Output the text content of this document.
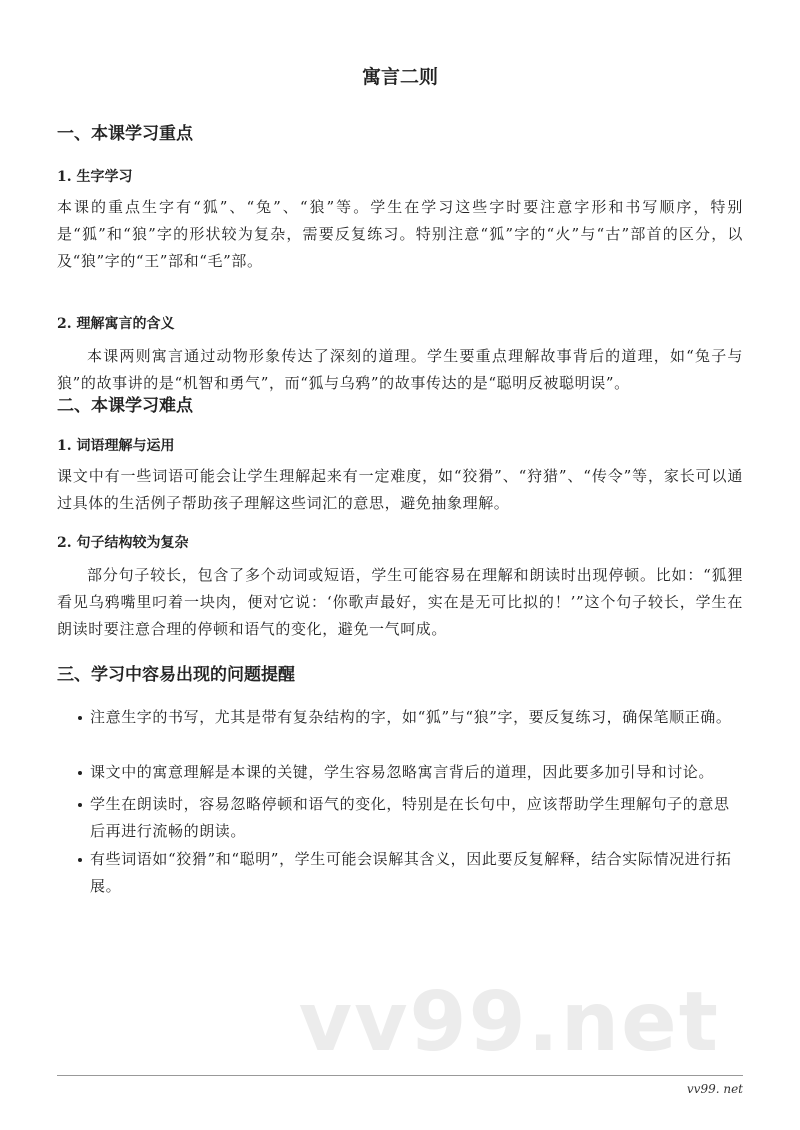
寓言二则
一、本课学习重点
1. 生字学习
本课的重点生字有“狐”、“兔”、“狼”等。学生在学习这些字时要注意字形和书写顺序，特别是“狐”和“狼”字的形状较为复杂，需要反复练习。特别注意“狐”字的“火”与“古”部首的区分，以及“狼”字的“王”部和“毛”部。
2. 理解寓言的含义
本课两则寓言通过动物形象传达了深刻的道理。学生要重点理解故事背后的道理，如“兔子与狼”的故事讲的是“机智和勇气”，而“狐与乌鸦”的故事传达的是“聪明反被聪明误”。
二、本课学习难点
1. 词语理解与运用
课文中有一些词语可能会让学生理解起来有一定难度，如“狡猾”、“狩猎”、“传令”等，家长可以通过具体的生活例子帮助孩子理解这些词汇的意思，避免抽象理解。
2. 句子结构较为复杂
部分句子较长，包含了多个动词或短语，学生可能容易在理解和朗读时出现停顿。比如：“狐狸看见乌鸦嘴里叼着一块肉，便对它说：‘你歌声最好，实在是无可比拟的！’”这个句子较长，学生在朗读时要注意合理的停顿和语气的变化，避免一气呵成。
三、学习中容易出现的问题提醒
注意生字的书写，尤其是带有复杂结构的字，如“狐”与“狼”字，要反复练习，确保笔顺正确。
课文中的寓意理解是本课的关键，学生容易忽略寓言背后的道理，因此要多加引导和讨论。
学生在朗读时，容易忽略停顿和语气的变化，特别是在长句中，应该帮助学生理解句子的意思后再进行流畅的朗读。
有些词语如“狡猾”和“聪明”，学生可能会误解其含义，因此要反复解释，结合实际情况进行拓展。
vv99.net
vv99. net
